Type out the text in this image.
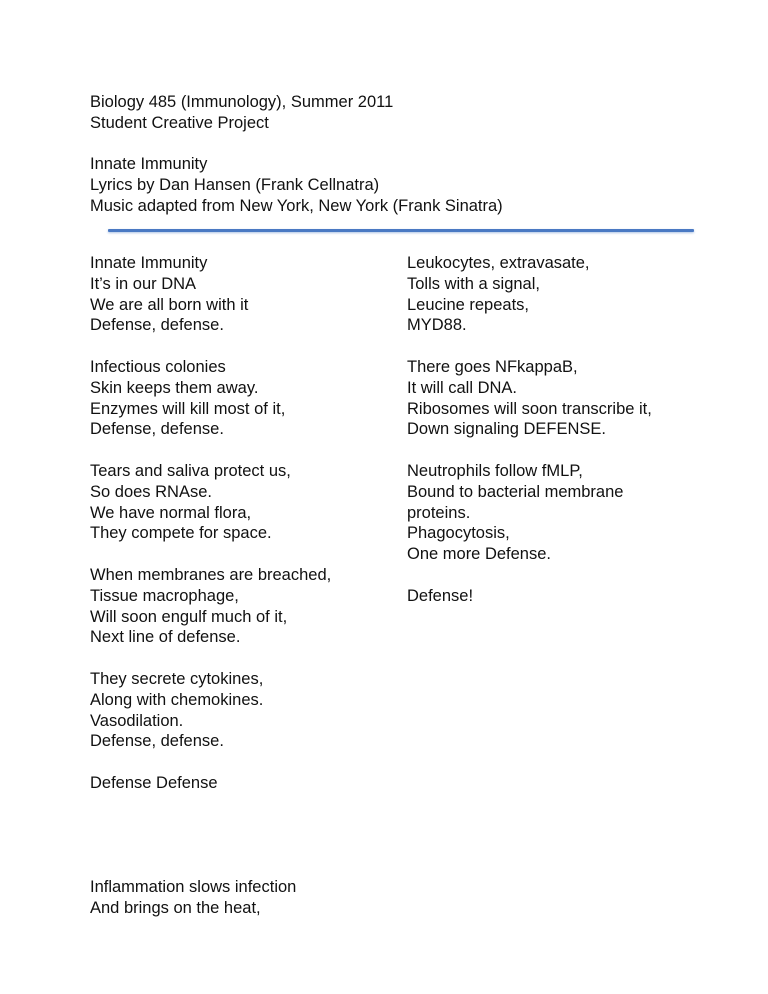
Biology 485 (Immunology), Summer 2011

Student Creative Project

Innate Immunity

Lyrics by Dan Hansen (Frank Cellnatra)

Music adapted from New York, New York (Frank Sinatra)

Innate Immunity

It’s in our DNA

We are all born with it

Defense, defense.

Infectious colonies

Skin keeps them away.

Enzymes will kill most of it,

Defense, defense.

Tears and saliva protect us,

So does RNAse.

We have normal flora,

They compete for space.

When membranes are breached,

Tissue macrophage,

Will soon engulf much of it,

Next line of defense.

They secrete cytokines,

Along with chemokines.

Vasodilation.

Defense, defense.

Defense Defense

Inflammation slows infection

And brings on the heat,

Leukocytes, extravasate,

Tolls with a signal,

Leucine repeats,

MYD88.

There goes NFkappaB,

It will call DNA.

Ribosomes will soon transcribe it,

Down signaling DEFENSE.

Neutrophils follow fMLP,

Bound to bacterial membrane

proteins.

Phagocytosis,

One more Defense.

Defense!
